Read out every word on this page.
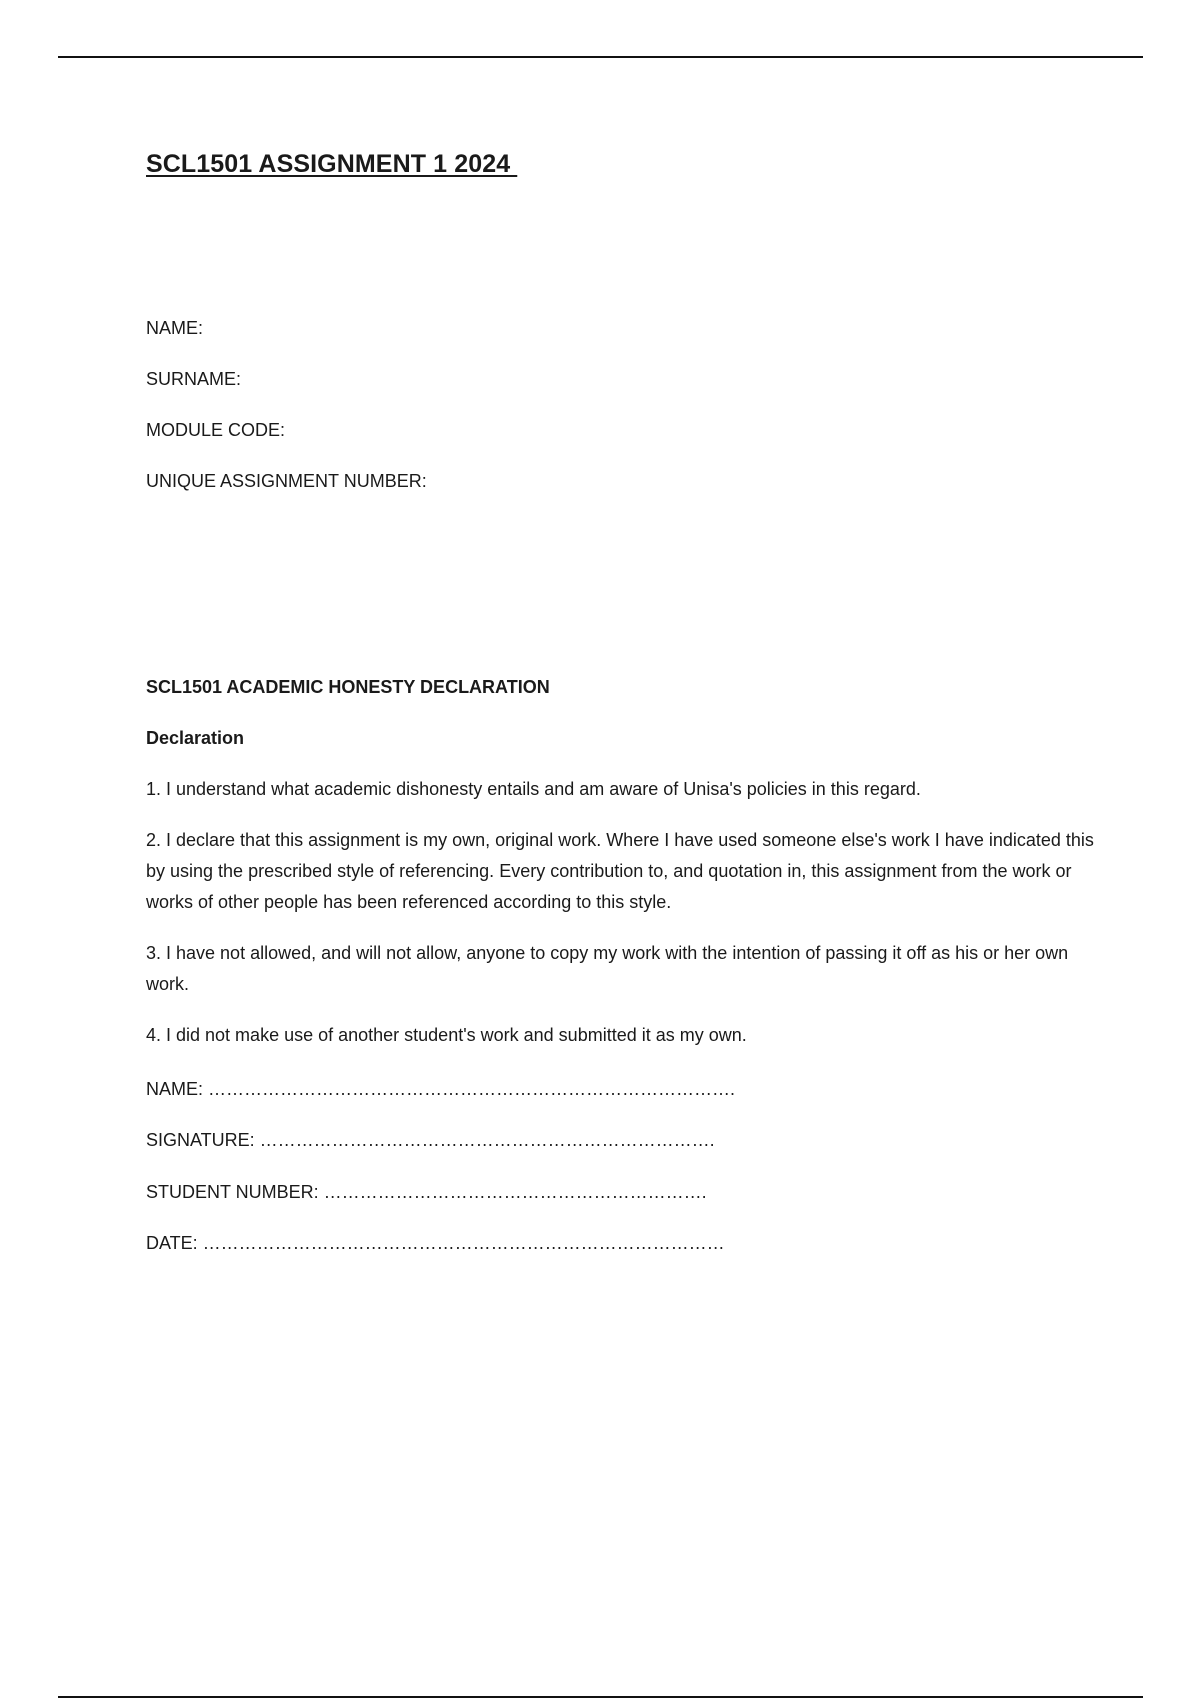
SCL1501 ASSIGNMENT 1 2024
NAME:
SURNAME:
MODULE CODE:
UNIQUE ASSIGNMENT NUMBER:
SCL1501 ACADEMIC HONESTY DECLARATION
Declaration
1. I understand what academic dishonesty entails and am aware of Unisa's policies in this regard.
2. I declare that this assignment is my own, original work. Where I have used someone else's work I have indicated this by using the prescribed style of referencing. Every contribution to, and quotation in, this assignment from the work or works of other people has been referenced according to this style.
3. I have not allowed, and will not allow, anyone to copy my work with the intention of passing it off as his or her own work.
4. I did not make use of another student's work and submitted it as my own.
NAME: …………………………………………………………………………….
SIGNATURE: ………………………………………………………………….
STUDENT NUMBER: ……………………………………………………….
DATE: ……………………………………………………………………………
